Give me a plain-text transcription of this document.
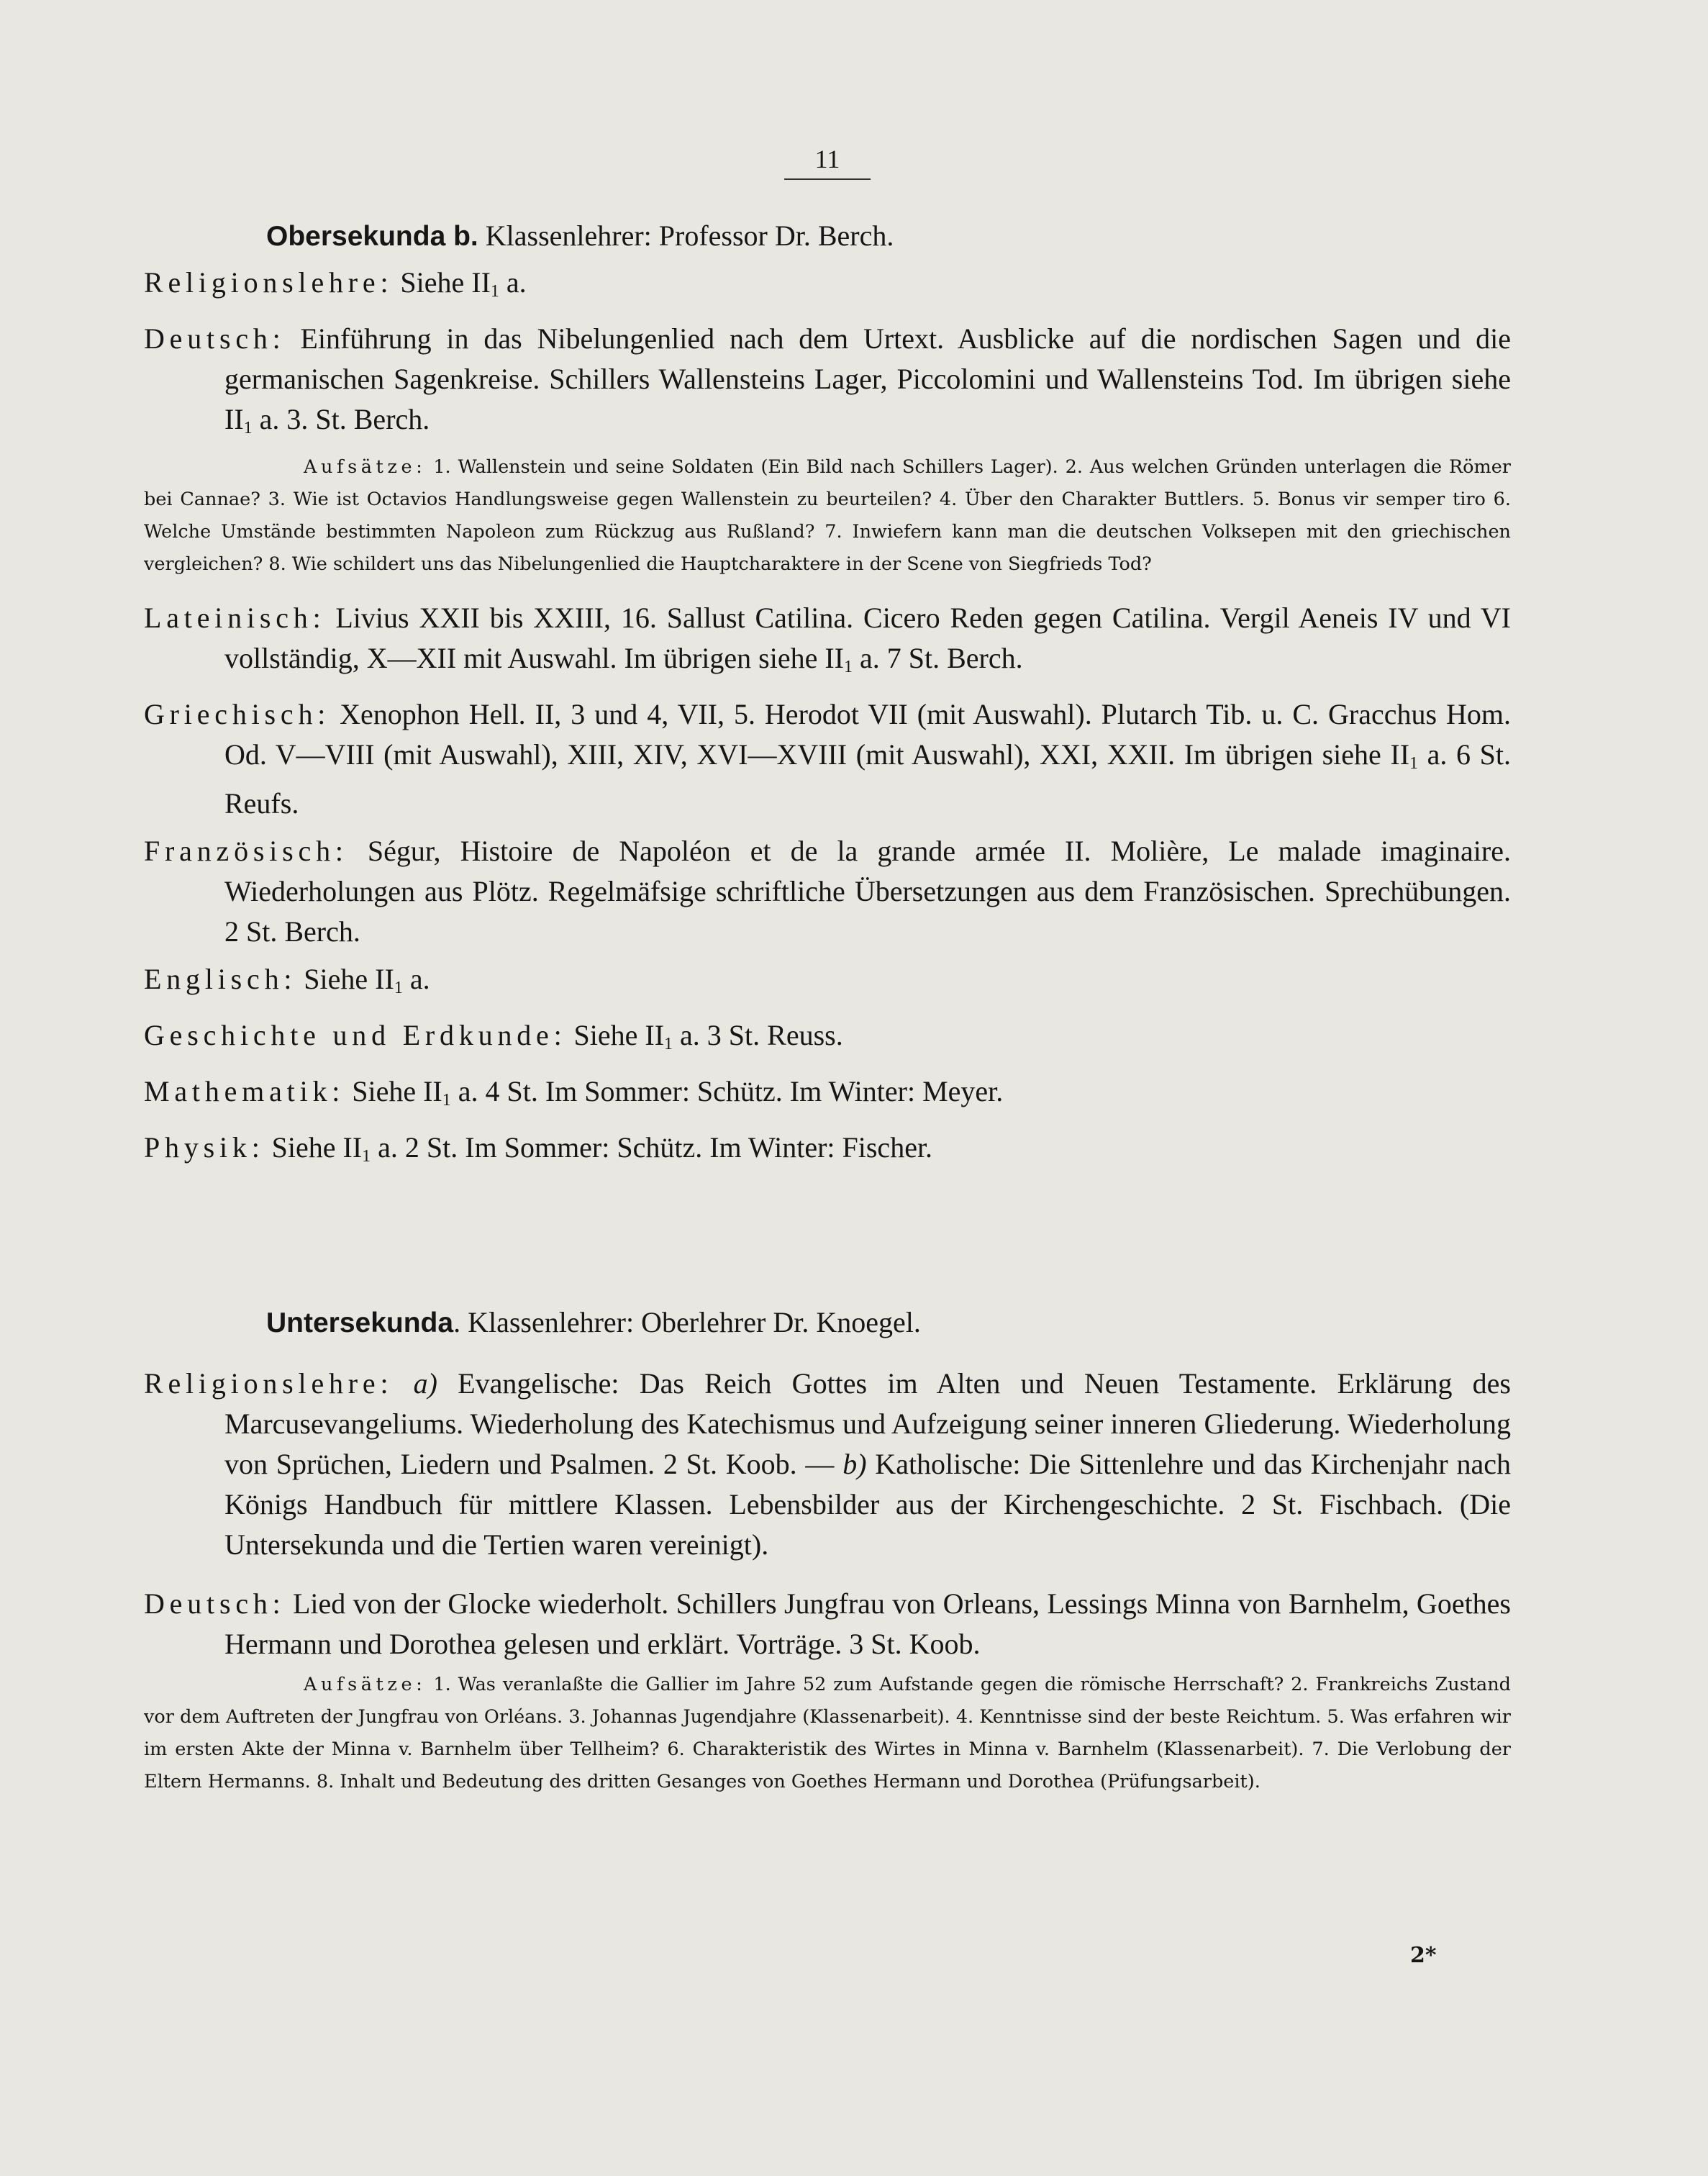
11
Obersekunda b. Klassenlehrer: Professor Dr. Berch.

Religionslehre: Siehe $II_1$ a.

Deutsch: Einführung in das Nibelungenlied nach dem Urtext. Ausblicke auf die nordischen Sagen und die germanischen Sagenkreise. Schillers Wallensteins Lager, Piccolomini und Wallensteins Tod. Im übrigen siehe $II_1$ a. 3. St. Berch.

Aufsätze: 1. Wallenstein und seine Soldaten (Ein Bild nach Schillers Lager). 2. Aus welchen Gründen unterlagen die Römer bei Cannae? 3. Wie ist Octavios Handlungsweise gegen Wallenstein zu beurteilen? 4. Über den Charakter Buttlers. 5. Bonus vir semper tiro 6. Welche Umstände bestimmten Napoleon zum Rückzug aus Rußland? 7. Inwiefern kann man die deutschen Volksepen mit den griechischen vergleichen? 8. Wie schildert uns das Nibelungenlied die Hauptcharaktere in der Scene von Siegfrieds Tod?

Lateinisch: Livius XXII bis XXIII, 16. Sallust Catilina. Cicero Reden gegen Catilina. Vergil Aeneis IV und VI vollständig, X—XII mit Auswahl. Im übrigen siehe $II_1$ a. 7 St. Berch.

Griechisch: Xenophon Hell. II, 3 und 4, VII, 5. Herodot VII (mit Auswahl). Plutarch Tib. u. C. Gracchus Hom. Od. V—VIII (mit Auswahl), XIII, XIV, XVI—XVIII (mit Auswahl), XXI, XXII. Im übrigen siehe $II_1$ a. 6 St. Reufs.

Französisch: Ségur, Histoire de Napoléon et de la grande armée II. Molière, Le malade imaginaire. Wiederholungen aus Plötz. Regelmäfsige schriftliche Übersetzungen aus dem Französischen. Sprechübungen. 2 St. Berch.

Englisch: Siehe $II_1$ a.

Geschichte und Erdkunde: Siehe $II_1$ a. 3 St. Reuss.

Mathematik: Siehe $II_1$ a. 4 St. Im Sommer: Schütz. Im Winter: Meyer.

Physik: Siehe $II_1$ a. 2 St. Im Sommer: Schütz. Im Winter: Fischer.

Untersekunda. Klassenlehrer: Oberlehrer Dr. Knoegel.

Religionslehre: a) Evangelische: Das Reich Gottes im Alten und Neuen Testamente. Erklärung des Marcusevangeliums. Wiederholung des Katechismus und Aufzeigung seiner inneren Gliederung. Wiederholung von Sprüchen, Liedern und Psalmen. 2 St. Koob. — b) Katholische: Die Sittenlehre und das Kirchenjahr nach Königs Handbuch für mittlere Klassen. Lebensbilder aus der Kirchengeschichte. 2 St. Fischbach. (Die Untersekunda und die Tertien waren vereinigt).

Deutsch: Lied von der Glocke wiederholt. Schillers Jungfrau von Orleans, Lessings Minna von Barnhelm, Goethes Hermann und Dorothea gelesen und erklärt. Vorträge. 3 St. Koob.

Aufsätze: 1. Was veranlaßte die Gallier im Jahre 52 zum Aufstande gegen die römische Herrschaft? 2. Frankreichs Zustand vor dem Auftreten der Jungfrau von Orléans. 3. Johannas Jugendjahre (Klassenarbeit). 4. Kenntnisse sind der beste Reichtum. 5. Was erfahren wir im ersten Akte der Minna v. Barnhelm über Tellheim? 6. Charakteristik des Wirtes in Minna v. Barnhelm (Klassenarbeit). 7. Die Verlobung der Eltern Hermanns. 8. Inhalt und Bedeutung des dritten Gesanges von Goethes Hermann und Dorothea (Prüfungsarbeit).

2*
